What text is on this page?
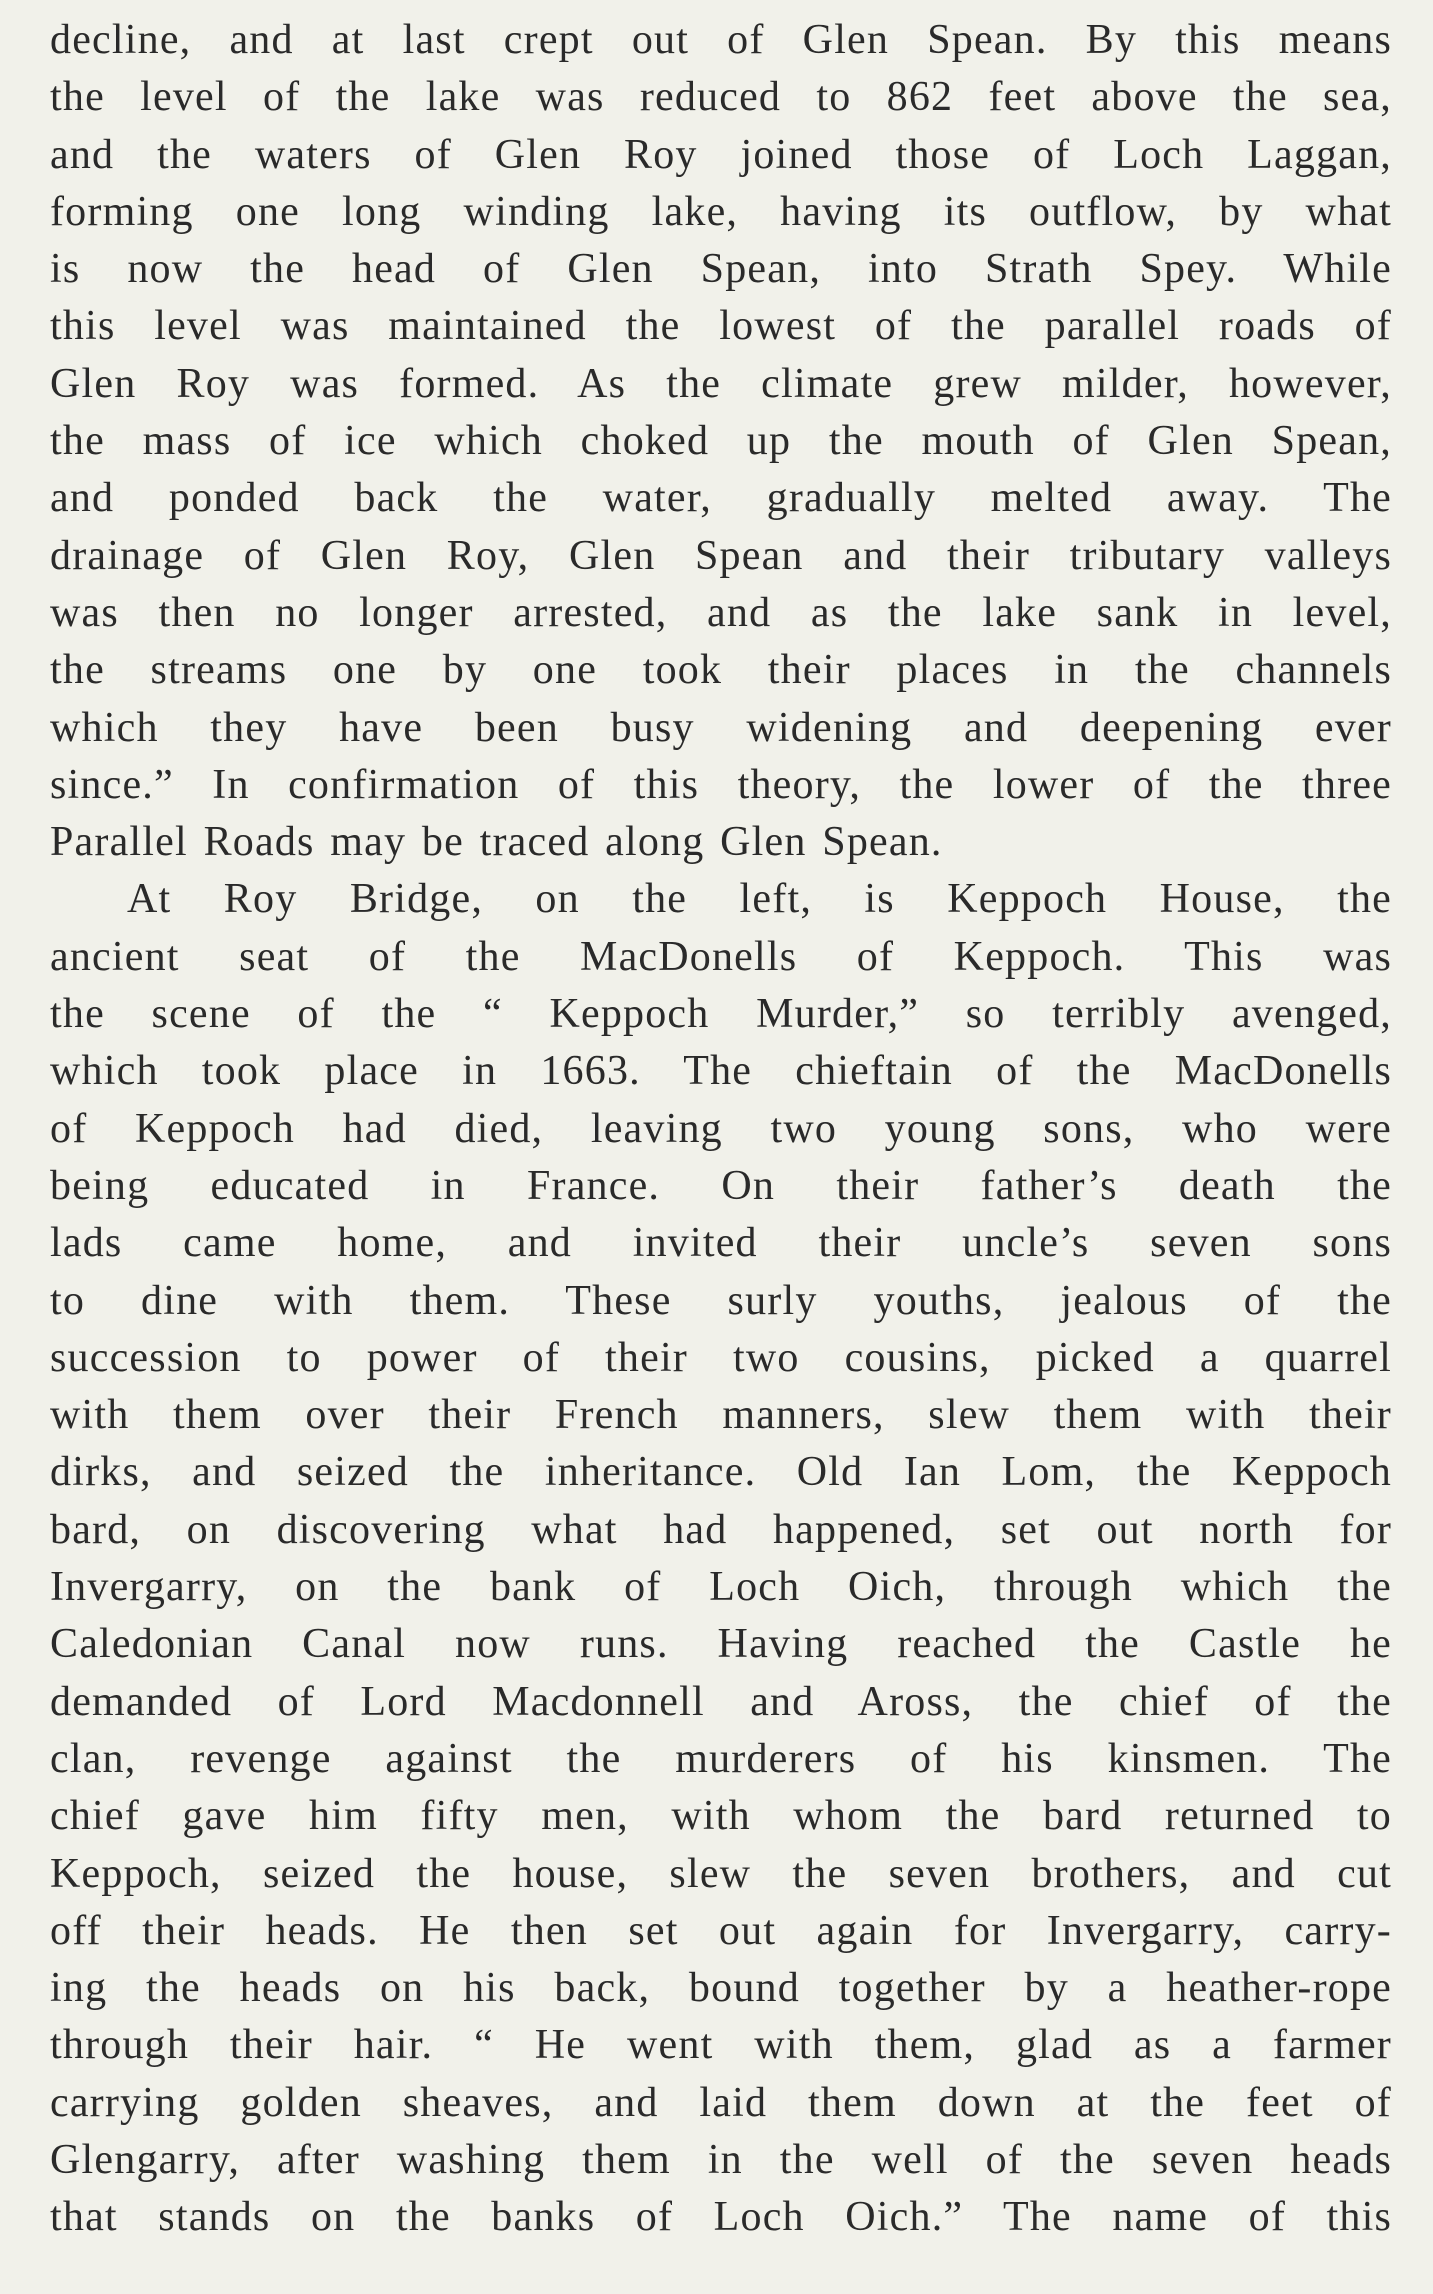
decline, and at last crept out of Glen Spean. By this means
the level of the lake was reduced to 862 feet above the sea,
and the waters of Glen Roy joined those of Loch Laggan,
forming one long winding lake, having its outflow, by what
is now the head of Glen Spean, into Strath Spey. While
this level was maintained the lowest of the parallel roads of
Glen Roy was formed. As the climate grew milder, however,
the mass of ice which choked up the mouth of Glen Spean,
and ponded back the water, gradually melted away. The
drainage of Glen Roy, Glen Spean and their tributary valleys
was then no longer arrested, and as the lake sank in level,
the streams one by one took their places in the channels
which they have been busy widening and deepening ever
since.” In confirmation of this theory, the lower of the three
Parallel Roads may be traced along Glen Spean.
At Roy Bridge, on the left, is Keppoch House, the
ancient seat of the MacDonells of Keppoch. This was
the scene of the “ Keppoch Murder,” so terribly avenged,
which took place in 1663. The chieftain of the MacDonells
of Keppoch had died, leaving two young sons, who were
being educated in France. On their father’s death the
lads came home, and invited their uncle’s seven sons
to dine with them. These surly youths, jealous of the
succession to power of their two cousins, picked a quarrel
with them over their French manners, slew them with their
dirks, and seized the inheritance. Old Ian Lom, the Keppoch
bard, on discovering what had happened, set out north for
Invergarry, on the bank of Loch Oich, through which the
Caledonian Canal now runs. Having reached the Castle he
demanded of Lord Macdonnell and Aross, the chief of the
clan, revenge against the murderers of his kinsmen. The
chief gave him fifty men, with whom the bard returned to
Keppoch, seized the house, slew the seven brothers, and cut
off their heads. He then set out again for Invergarry, carry-
ing the heads on his back, bound together by a heather-rope
through their hair. “ He went with them, glad as a farmer
carrying golden sheaves, and laid them down at the feet of
Glengarry, after washing them in the well of the seven heads
that stands on the banks of Loch Oich.” The name of this
